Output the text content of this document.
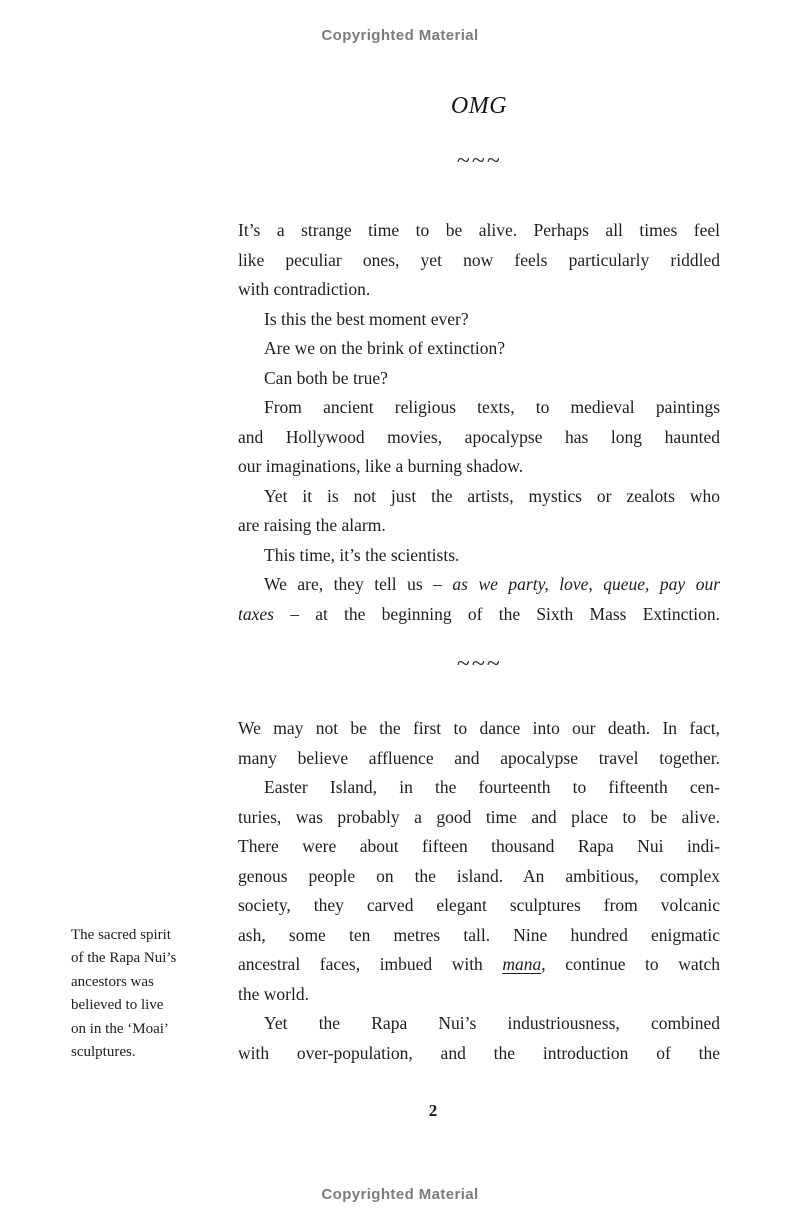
Copyrighted Material
OMG
~~~
It’s a strange time to be alive. Perhaps all times feel
like peculiar ones, yet now feels particularly riddled
with contradiction.
Is this the best moment ever?
Are we on the brink of extinction?
Can both be true?
From ancient religious texts, to medieval paintings
and Hollywood movies, apocalypse has long haunted
our imaginations, like a burning shadow.
Yet it is not just the artists, mystics or zealots who
are raising the alarm.
This time, it’s the scientists.
We are, they tell us – as we party, love, queue, pay our
taxes – at the beginning of the Sixth Mass Extinction.
~~~
We may not be the first to dance into our death. In fact,
many believe affluence and apocalypse travel together.
Easter Island, in the fourteenth to fifteenth cen-
turies, was probably a good time and place to be alive.
There were about fifteen thousand Rapa Nui indi-
genous people on the island. An ambitious, complex
society, they carved elegant sculptures from volcanic
ash, some ten metres tall. Nine hundred enigmatic
ancestral faces, imbued with mana, continue to watch
the world.
Yet the Rapa Nui’s industriousness, combined
with over-population, and the introduction of the
The sacred spirit
of the Rapa Nui’s
ancestors was
believed to live
on in the ‘Moai’
sculptures.
2
Copyrighted Material
